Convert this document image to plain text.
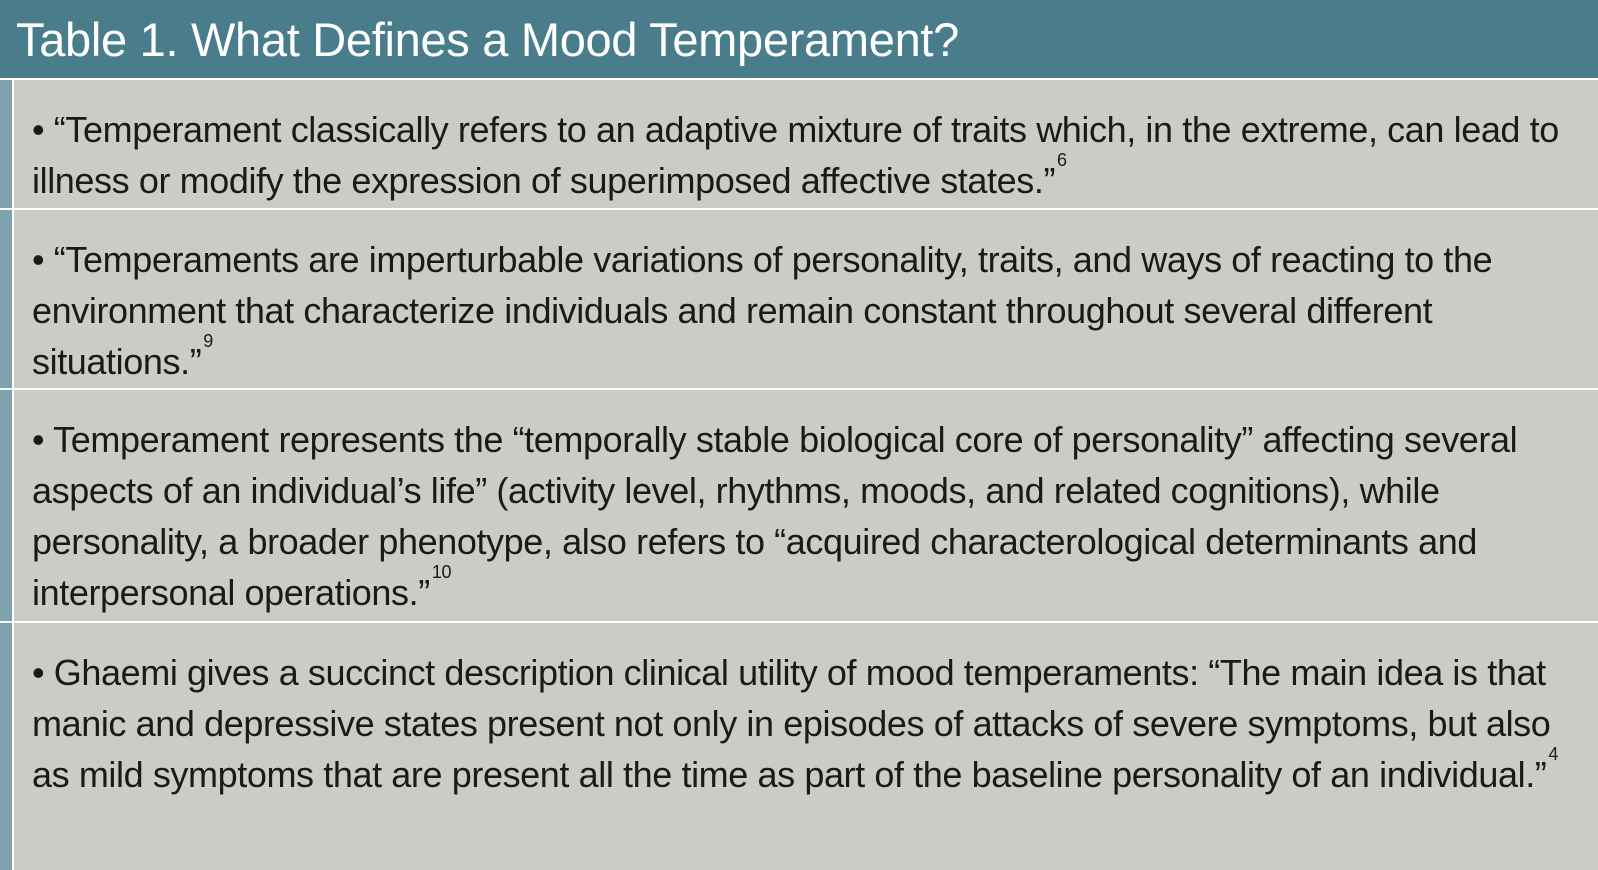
Table 1. What Defines a Mood Temperament?
• “Temperament classically refers to an adaptive mixture of traits which, in the extreme, can lead to illness or modify the expression of superimposed affective states.” $^6$
• “Temperaments are imperturbable variations of personality, traits, and ways of reacting to the environment that characterize individuals and remain constant throughout several different situations.” $^9$
• Temperament represents the “temporally stable biological core of personality” affecting several aspects of an individual’s life” (activity level, rhythms, moods, and related cognitions), while personality, a broader phenotype, also refers to “acquired characterological determinants and interpersonal operations.” $^{10}$
• Ghaemi gives a succinct description clinical utility of mood temperaments: “The main idea is that manic and depressive states present not only in episodes of attacks of severe symptoms, but also as mild symptoms that are present all the time as part of the baseline personality of an individual.” $^4$
